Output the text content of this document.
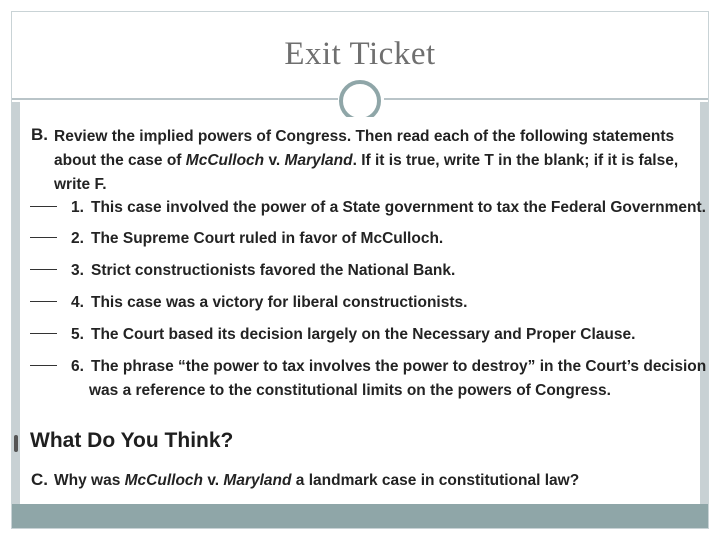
Exit Ticket
B. Review the implied powers of Congress. Then read each of the following statements about the case of McCulloch v. Maryland. If it is true, write T in the blank; if it is false, write F.
1. This case involved the power of a State government to tax the Federal Government.
2. The Supreme Court ruled in favor of McCulloch.
3. Strict constructionists favored the National Bank.
4. This case was a victory for liberal constructionists.
5. The Court based its decision largely on the Necessary and Proper Clause.
6. The phrase “the power to tax involves the power to destroy” in the Court’s decision
was a reference to the constitutional limits on the powers of Congress.
What Do You Think?
C. Why was McCulloch v. Maryland a landmark case in constitutional law?
